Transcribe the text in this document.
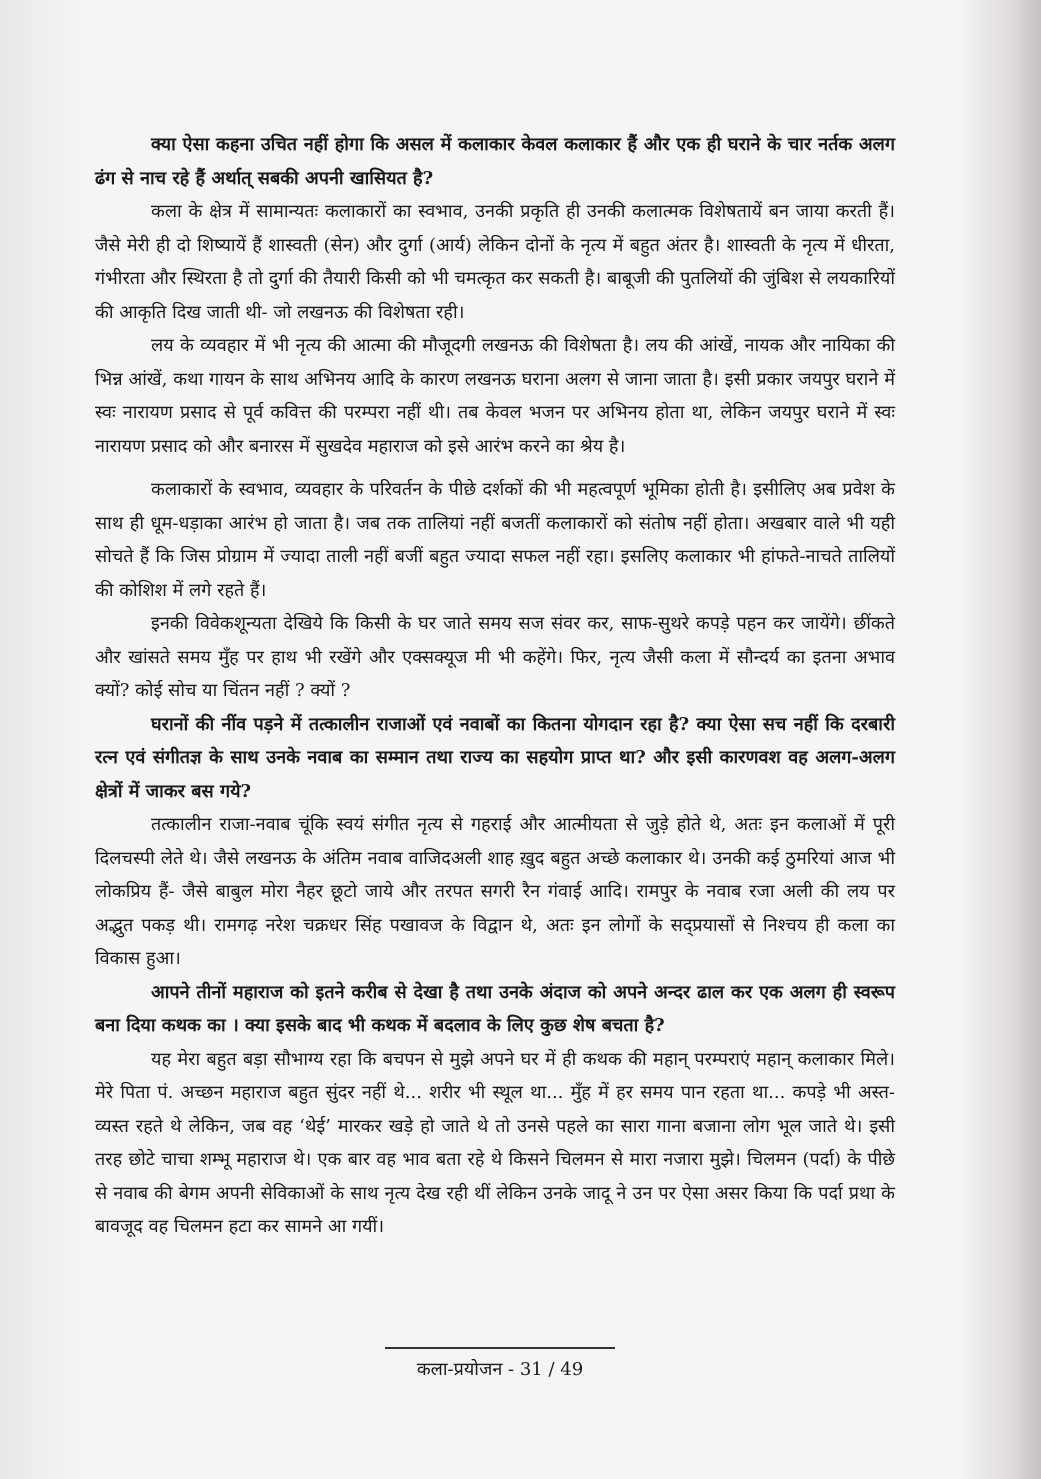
क्या ऐसा कहना उचित नहीं होगा कि असल में कलाकार केवल कलाकार हैं और एक ही घराने के चार नर्तक अलग ढंग से नाच रहे हैं अर्थात् सबकी अपनी खासियत है?

कला के क्षेत्र में सामान्यतः कलाकारों का स्वभाव, उनकी प्रकृति ही उनकी कलात्मक विशेषतायें बन जाया करती हैं। जैसे मेरी ही दो शिष्यायें हैं शास्वती (सेन) और दुर्गा (आर्य) लेकिन दोनों के नृत्य में बहुत अंतर है। शास्वती के नृत्य में धीरता, गंभीरता और स्थिरता है तो दुर्गा की तैयारी किसी को भी चमत्कृत कर सकती है। बाबूजी की पुतलियों की जुंबिश से लयकारियों की आकृति दिख जाती थी- जो लखनऊ की विशेषता रही।

लय के व्यवहार में भी नृत्य की आत्मा की मौजूदगी लखनऊ की विशेषता है। लय की आंखें, नायक और नायिका की भिन्न आंखें, कथा गायन के साथ अभिनय आदि के कारण लखनऊ घराना अलग से जाना जाता है। इसी प्रकार जयपुर घराने में स्वः नारायण प्रसाद से पूर्व कवित्त की परम्परा नहीं थी। तब केवल भजन पर अभिनय होता था, लेकिन जयपुर घराने में स्वः नारायण प्रसाद को और बनारस में सुखदेव महाराज को इसे आरंभ करने का श्रेय है।

कलाकारों के स्वभाव, व्यवहार के परिवर्तन के पीछे दर्शकों की भी महत्वपूर्ण भूमिका होती है। इसीलिए अब प्रवेश के साथ ही धूम-धड़ाका आरंभ हो जाता है। जब तक तालियां नहीं बजतीं कलाकारों को संतोष नहीं होता। अखबार वाले भी यही सोचते हैं कि जिस प्रोग्राम में ज्यादा ताली नहीं बजीं बहुत ज्यादा सफल नहीं रहा। इसलिए कलाकार भी हांफते-नाचते तालियों की कोशिश में लगे रहते हैं।

इनकी विवेकशून्यता देखिये कि किसी के घर जाते समय सज संवर कर, साफ-सुथरे कपड़े पहन कर जायेंगे। छींकते और खांसते समय मुँह पर हाथ भी रखेंगे और एक्सक्यूज मी भी कहेंगे। फिर, नृत्य जैसी कला में सौन्दर्य का इतना अभाव क्यों? कोई सोच या चिंतन नहीं ? क्यों ?

घरानों की नींव पड़ने में तत्कालीन राजाओं एवं नवाबों का कितना योगदान रहा है? क्या ऐसा सच नहीं कि दरबारी रत्न एवं संगीतज्ञ के साथ उनके नवाब का सम्मान तथा राज्य का सहयोग प्राप्त था? और इसी कारणवश वह अलग-अलग क्षेत्रों में जाकर बस गये?

तत्कालीन राजा-नवाब चूंकि स्वयं संगीत नृत्य से गहराई और आत्मीयता से जुड़े होते थे, अतः इन कलाओं में पूरी दिलचस्पी लेते थे। जैसे लखनऊ के अंतिम नवाब वाजिदअली शाह ख़ुद बहुत अच्छे कलाकार थे। उनकी कई ठुमरियां आज भी लोकप्रिय हैं- जैसे बाबुल मोरा नैहर छूटो जाये और तरपत सगरी रैन गंवाई आदि। रामपुर के नवाब रजा अली की लय पर अद्भुत पकड़ थी। रामगढ़ नरेश चक्रधर सिंह पखावज के विद्वान थे, अतः इन लोगों के सद्प्रयासों से निश्चय ही कला का विकास हुआ।

आपने तीनों महाराज को इतने करीब से देखा है तथा उनके अंदाज को अपने अन्दर ढाल कर एक अलग ही स्वरूप बना दिया कथक का । क्या इसके बाद भी कथक में बदलाव के लिए कुछ शेष बचता है?

यह मेरा बहुत बड़ा सौभाग्य रहा कि बचपन से मुझे अपने घर में ही कथक की महान् परम्पराएं महान् कलाकार मिले। मेरे पिता पं. अच्छन महाराज बहुत सुंदर नहीं थे... शरीर भी स्थूल था... मुँह में हर समय पान रहता था... कपड़े भी अस्त-व्यस्त रहते थे लेकिन, जब वह ‘थेई’ मारकर खड़े हो जाते थे तो उनसे पहले का सारा गाना बजाना लोग भूल जाते थे। इसी तरह छोटे चाचा शम्भू महाराज थे। एक बार वह भाव बता रहे थे किसने चिलमन से मारा नजारा मुझे। चिलमन (पर्दा) के पीछे से नवाब की बेगम अपनी सेविकाओं के साथ नृत्य देख रही थीं लेकिन उनके जादू ने उन पर ऐसा असर किया कि पर्दा प्रथा के बावजूद वह चिलमन हटा कर सामने आ गयीं।

कला-प्रयोजन - 31 / 49
